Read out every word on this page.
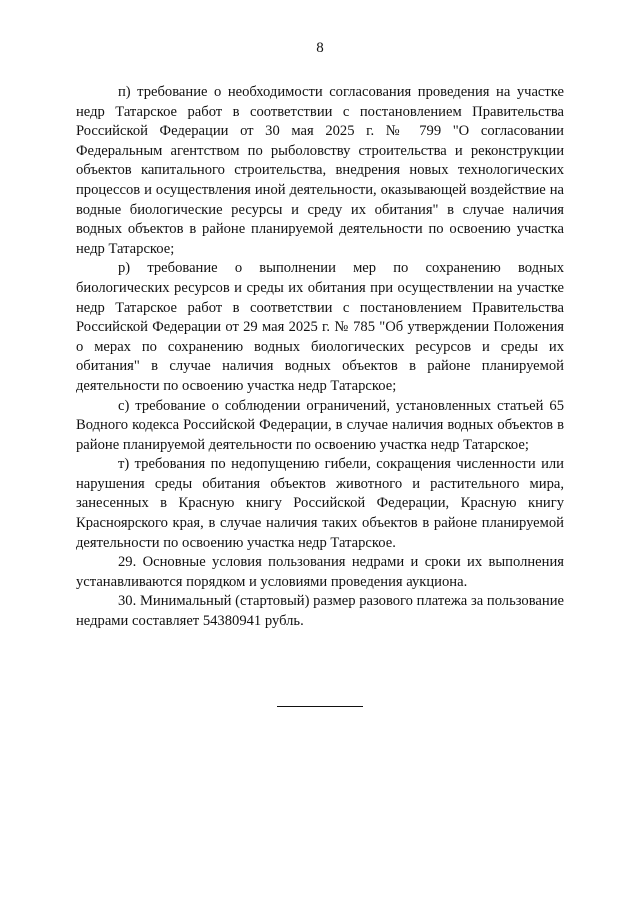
8

п) требование о необходимости согласования проведения на участке недр Татарское работ в соответствии с постановлением Правительства Российской Федерации от 30 мая 2025 г. № 799 "О согласовании Федеральным агентством по рыболовству строительства и реконструкции объектов капитального строительства, внедрения новых технологических процессов и осуществления иной деятельности, оказывающей воздействие на водные биологические ресурсы и среду их обитания" в случае наличия водных объектов в районе планируемой деятельности по освоению участка недр Татарское;

р) требование о выполнении мер по сохранению водных биологических ресурсов и среды их обитания при осуществлении на участке недр Татарское работ в соответствии с постановлением Правительства Российской Федерации от 29 мая 2025 г. № 785 "Об утверждении Положения о мерах по сохранению водных биологических ресурсов и среды их обитания" в случае наличия водных объектов в районе планируемой деятельности по освоению участка недр Татарское;

с) требование о соблюдении ограничений, установленных статьей 65 Водного кодекса Российской Федерации, в случае наличия водных объектов в районе планируемой деятельности по освоению участка недр Татарское;

т) требования по недопущению гибели, сокращения численности или нарушения среды обитания объектов животного и растительного мира, занесенных в Красную книгу Российской Федерации, Красную книгу Красноярского края, в случае наличия таких объектов в районе планируемой деятельности по освоению участка недр Татарское.

29. Основные условия пользования недрами и сроки их выполнения устанавливаются порядком и условиями проведения аукциона.

30. Минимальный (стартовый) размер разового платежа за пользование недрами составляет 54380941 рубль.
